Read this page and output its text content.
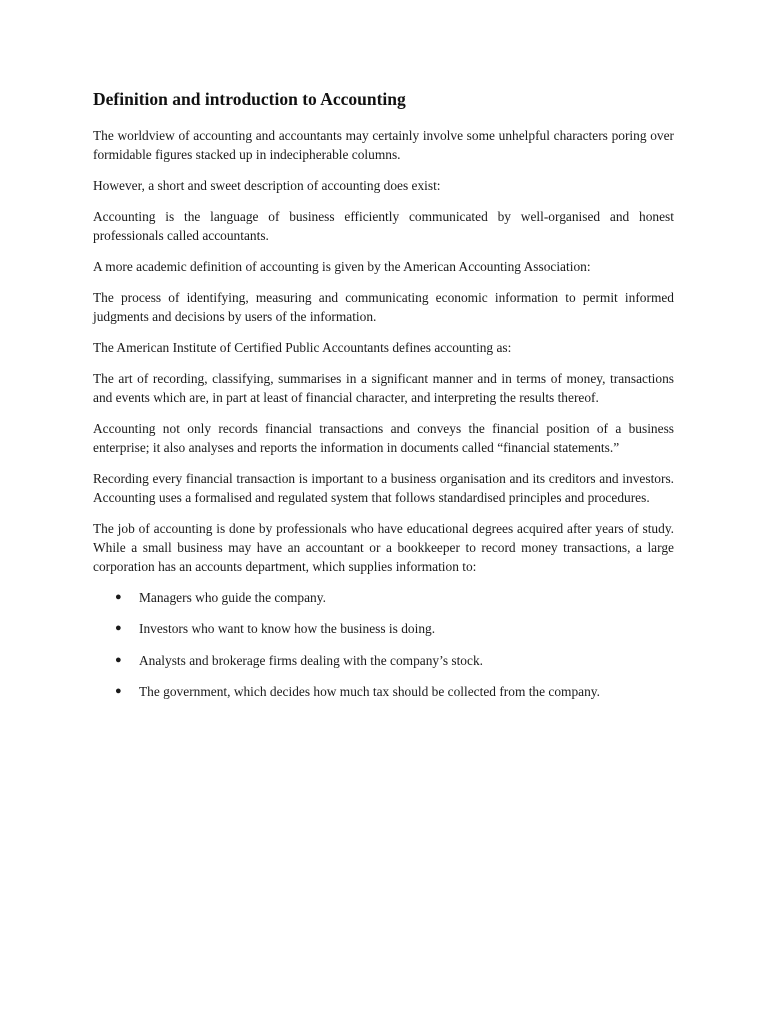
Definition and introduction to Accounting

The worldview of accounting and accountants may certainly involve some unhelpful characters poring over formidable figures stacked up in indecipherable columns.

However, a short and sweet description of accounting does exist:

Accounting is the language of business efficiently communicated by well-organised and honest professionals called accountants.

A more academic definition of accounting is given by the American Accounting Association:

The process of identifying, measuring and communicating economic information to permit informed judgments and decisions by users of the information.

The American Institute of Certified Public Accountants defines accounting as:

The art of recording, classifying, summarises in a significant manner and in terms of money, transactions and events which are, in part at least of financial character, and interpreting the results thereof.

Accounting not only records financial transactions and conveys the financial position of a business enterprise; it also analyses and reports the information in documents called “financial statements.”

Recording every financial transaction is important to a business organisation and its creditors and investors. Accounting uses a formalised and regulated system that follows standardised principles and procedures.

The job of accounting is done by professionals who have educational degrees acquired after years of study. While a small business may have an accountant or a bookkeeper to record money transactions, a large corporation has an accounts department, which supplies information to:

● Managers who guide the company.
● Investors who want to know how the business is doing.
● Analysts and brokerage firms dealing with the company’s stock.
● The government, which decides how much tax should be collected from the company.
